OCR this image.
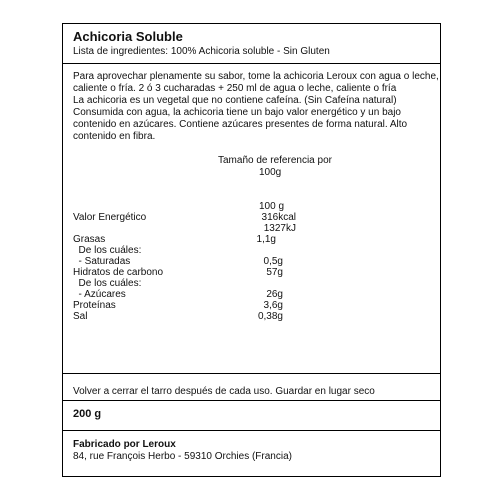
Achicoria Soluble
Lista de ingredientes: 100% Achicoria soluble - Sin Gluten
Para aprovechar plenamente su sabor, tome la achicoria Leroux con agua o leche,
caliente o fría. 2 ó 3 cucharadas + 250 ml de agua o leche, caliente o fría
La achicoria es un vegetal que no contiene cafeína. (Sin Cafeína natural)
Consumida con agua, la achicoria tiene un bajo valor energético y un bajo
contenido en azúcares. Contiene azúcares presentes de forma natural. Alto
contenido en fibra.
Tamaño de referencia por
100g
100 g
Valor Energético	316kcal
1327kJ
Grasas	1,1g
De los cuáles:
- Saturadas	0,5g
Hidratos de carbono	57g
De los cuáles:
- Azúcares	26g
Proteínas	3,6g
Sal	0,38g
Volver a cerrar el tarro después de cada uso. Guardar en lugar seco
200 g
Fabricado por Leroux
84, rue François Herbo - 59310 Orchies (Francia)
